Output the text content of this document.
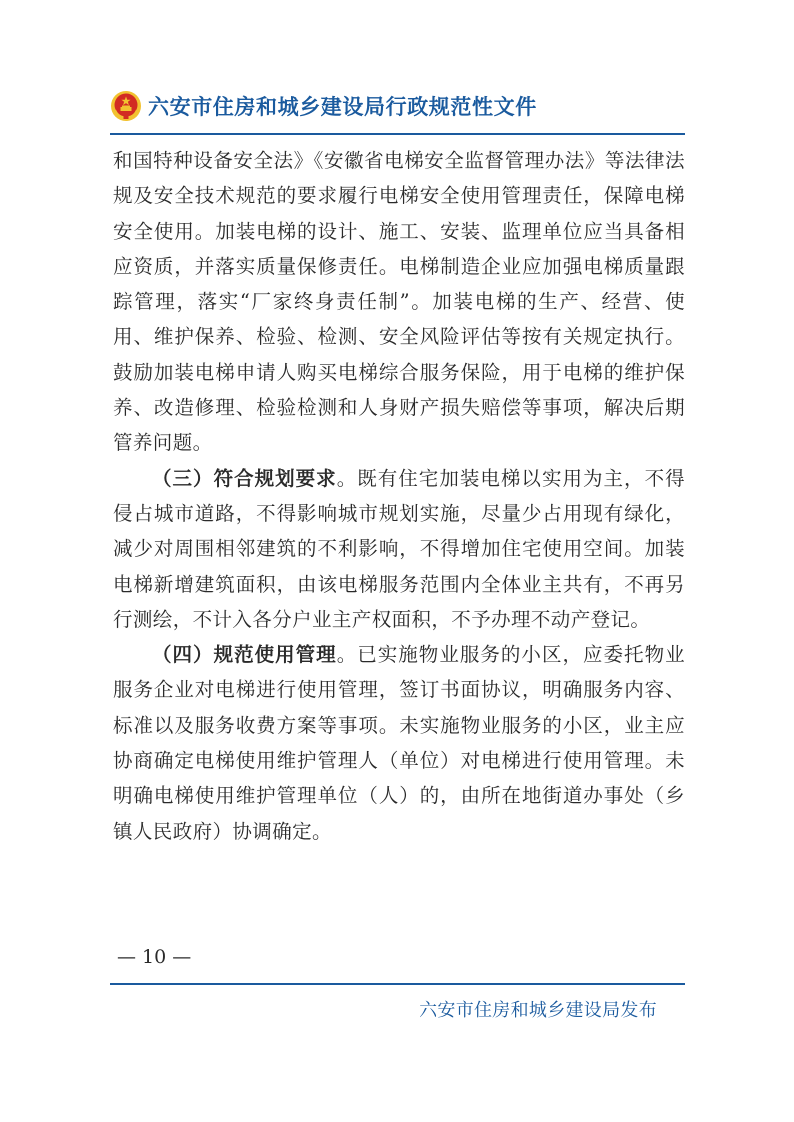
六安市住房和城乡建设局行政规范性文件

和国特种设备安全法》《安徽省电梯安全监督管理办法》等法律法规及安全技术规范的要求履行电梯安全使用管理责任，保障电梯安全使用。加装电梯的设计、施工、安装、监理单位应当具备相应资质，并落实质量保修责任。电梯制造企业应加强电梯质量跟踪管理，落实“厂家终身责任制”。加装电梯的生产、经营、使用、维护保养、检验、检测、安全风险评估等按有关规定执行。鼓励加装电梯申请人购买电梯综合服务保险，用于电梯的维护保养、改造修理、检验检测和人身财产损失赔偿等事项，解决后期管养问题。

（三）符合规划要求。既有住宅加装电梯以实用为主，不得侵占城市道路，不得影响城市规划实施，尽量少占用现有绿化，减少对周围相邻建筑的不利影响，不得增加住宅使用空间。加装电梯新增建筑面积，由该电梯服务范围内全体业主共有，不再另行测绘，不计入各分户业主产权面积，不予办理不动产登记。

（四）规范使用管理。已实施物业服务的小区，应委托物业服务企业对电梯进行使用管理，签订书面协议，明确服务内容、标准以及服务收费方案等事项。未实施物业服务的小区，业主应协商确定电梯使用维护管理人（单位）对电梯进行使用管理。未明确电梯使用维护管理单位（人）的，由所在地街道办事处（乡镇人民政府）协调确定。

— 10 —
六安市住房和城乡建设局发布
